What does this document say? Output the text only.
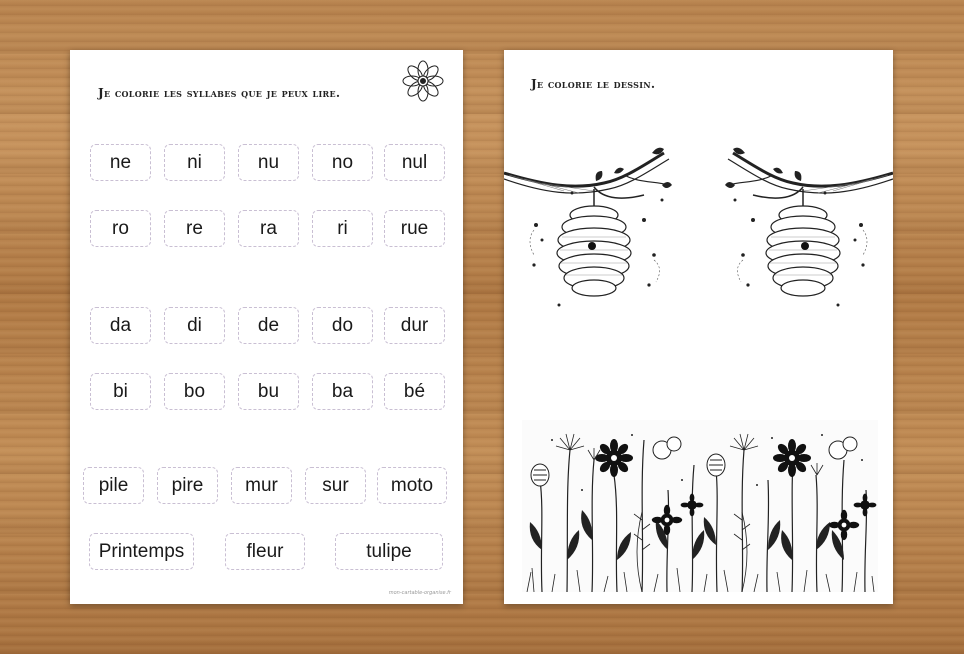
Je colorie les syllabes que je peux lire.
ne	ni	nu	no	nul
ro	re	ra	ri	rue
da	di	de	do	dur
bi	bo	bu	ba	bé
pile	pire	mur	sur	moto
Printemps	fleur	tulipe
mon-cartable-organise.fr
Je colorie le dessin.
